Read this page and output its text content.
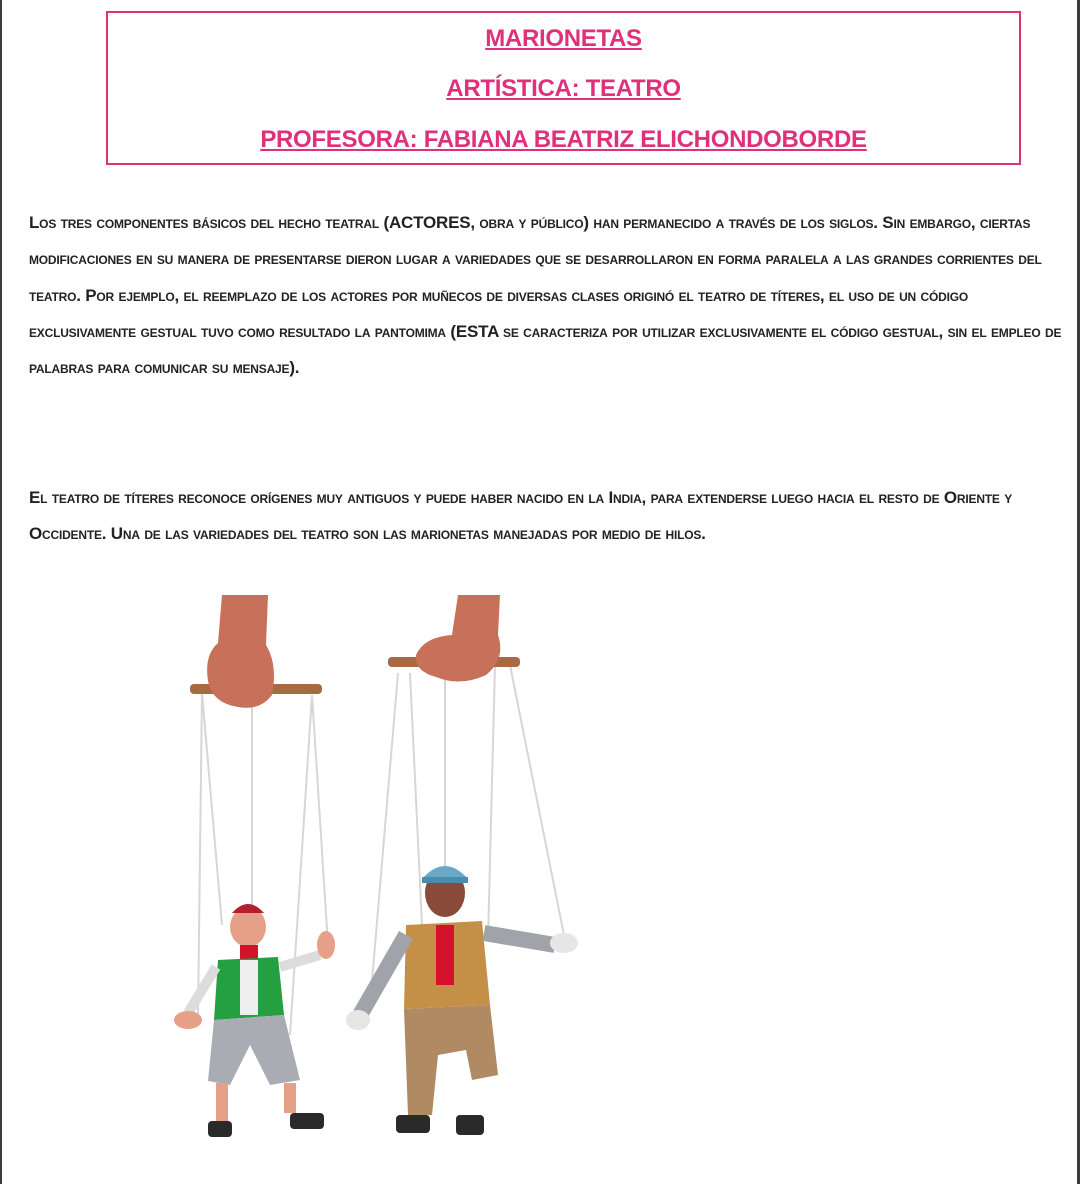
MARIONETAS
ARTÍSTICA: TEATRO
PROFESORA: FABIANA BEATRIZ ELICHONDOBORDE
Los tres componentes básicos del hecho teatral (ACTORES, obra y público) han permanecido a través de los siglos. Sin embargo, ciertas modificaciones en su manera de presentarse dieron lugar a variedades que se desarrollaron en forma paralela a las grandes corrientes del teatro. Por ejemplo, el reemplazo de los actores por muñecos de diversas clases originó el teatro de títeres, el uso de un código exclusivamente gestual tuvo como resultado la pantomima (ESTA se caracteriza por utilizar exclusivamente el código gestual, sin el empleo de palabras para comunicar su mensaje).
El teatro de títeres reconoce orígenes muy antiguos y puede haber nacido en la India, para extenderse luego hacia el resto de Oriente y Occidente. Una de las variedades del teatro son las marionetas manejadas por medio de hilos.
